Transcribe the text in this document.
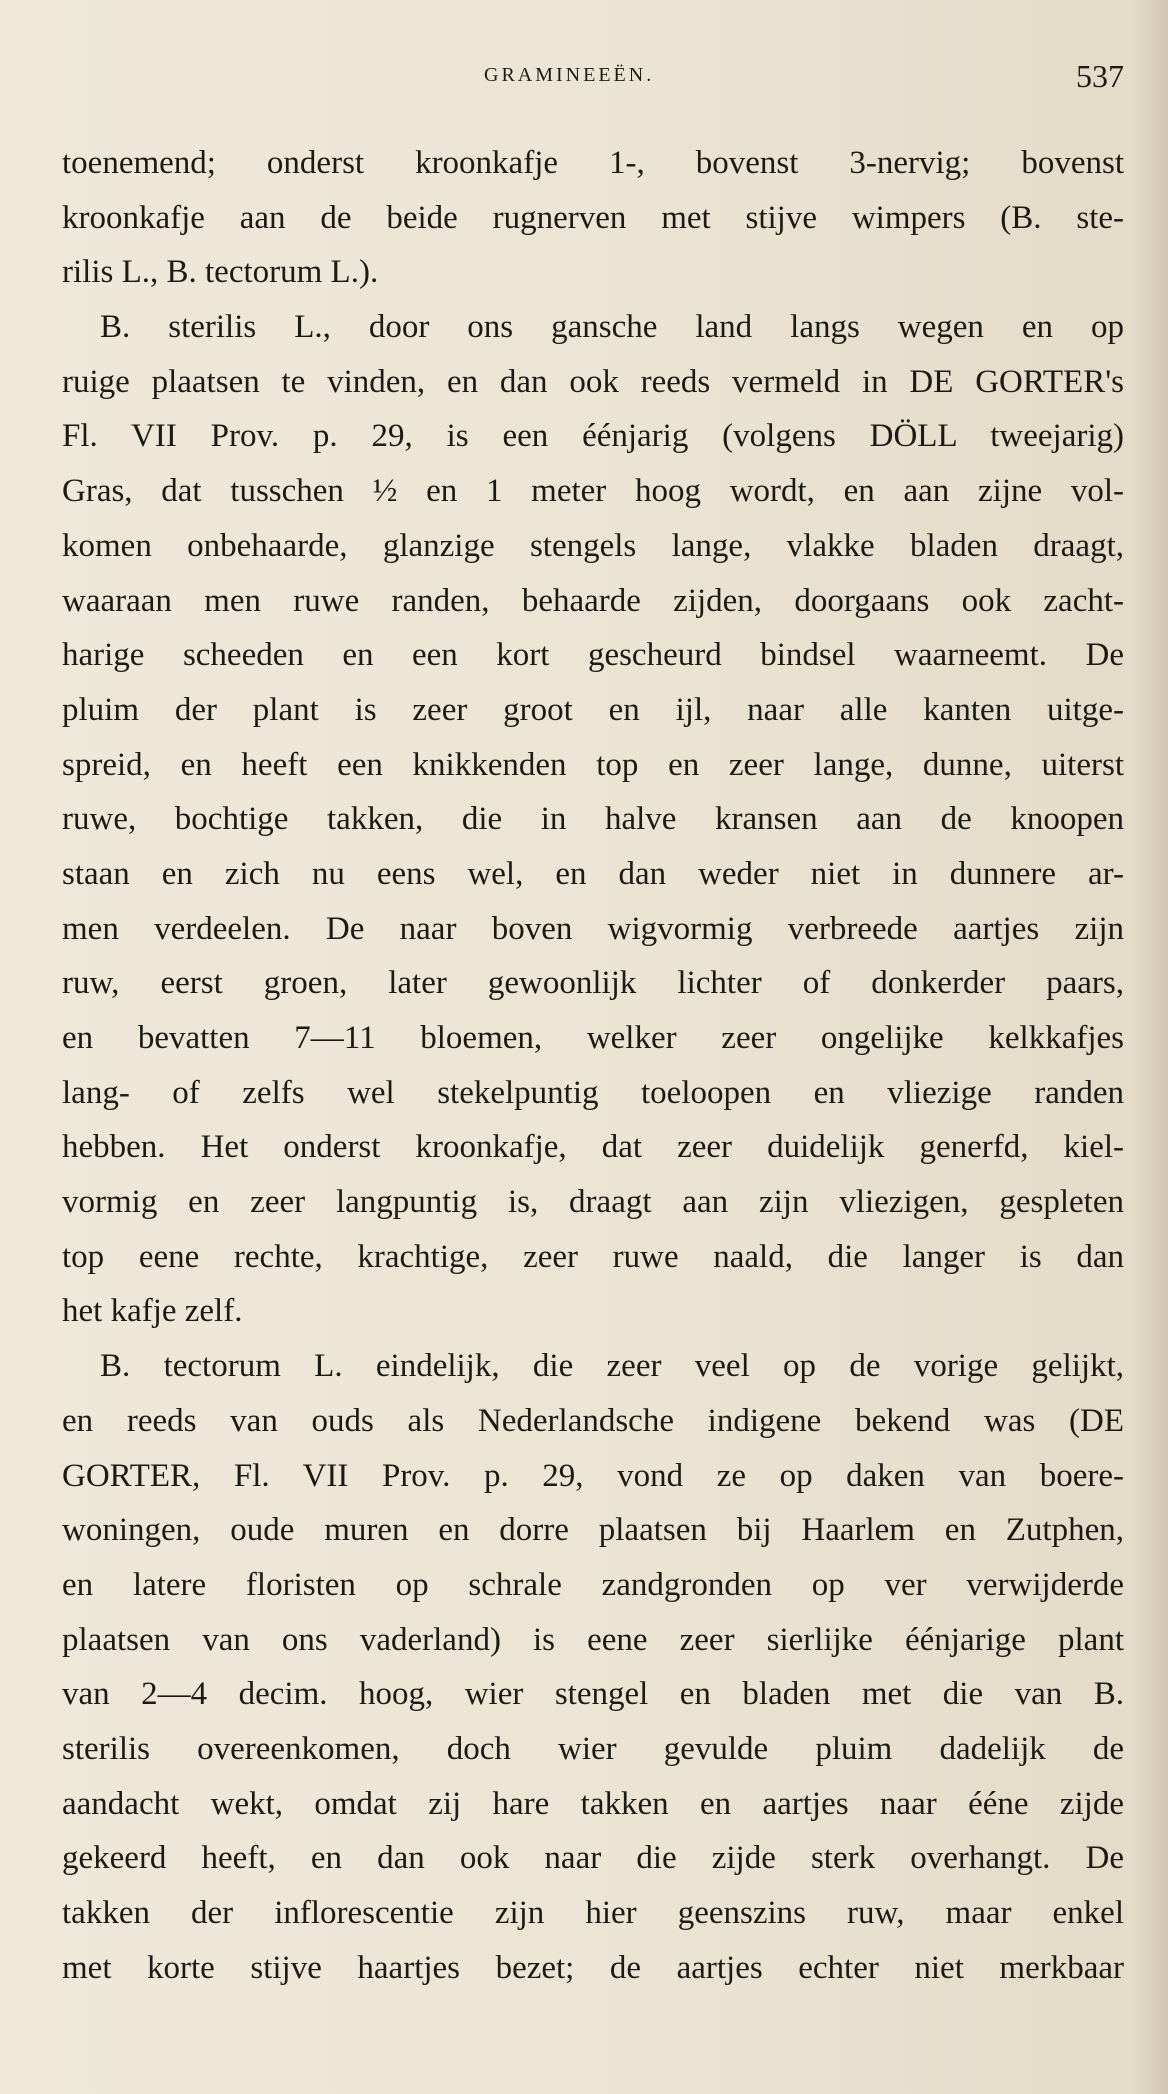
GRAMINEEËN.	537
toenemend; onderst kroonkafje 1-, bovenst 3-nervig; bovenst
kroonkafje aan de beide rugnerven met stijve wimpers (B. ste-
rilis L., B. tectorum L.).
B. sterilis L., door ons gansche land langs wegen en op
ruige plaatsen te vinden, en dan ook reeds vermeld in DE GORTER's
Fl. VII Prov. p. 29, is een éénjarig (volgens DÖLL tweejarig)
Gras, dat tusschen ½ en 1 meter hoog wordt, en aan zijne vol-
komen onbehaarde, glanzige stengels lange, vlakke bladen draagt,
waaraan men ruwe randen, behaarde zijden, doorgaans ook zacht-
harige scheeden en een kort gescheurd bindsel waarneemt. De
pluim der plant is zeer groot en ijl, naar alle kanten uitge-
spreid, en heeft een knikkenden top en zeer lange, dunne, uiterst
ruwe, bochtige takken, die in halve kransen aan de knoopen
staan en zich nu eens wel, en dan weder niet in dunnere ar-
men verdeelen. De naar boven wigvormig verbreede aartjes zijn
ruw, eerst groen, later gewoonlijk lichter of donkerder paars,
en bevatten 7—11 bloemen, welker zeer ongelijke kelkkafjes
lang- of zelfs wel stekelpuntig toeloopen en vliezige randen
hebben. Het onderst kroonkafje, dat zeer duidelijk generfd, kiel-
vormig en zeer langpuntig is, draagt aan zijn vliezigen, gespleten
top eene rechte, krachtige, zeer ruwe naald, die langer is dan
het kafje zelf.
B. tectorum L. eindelijk, die zeer veel op de vorige gelijkt,
en reeds van ouds als Nederlandsche indigene bekend was (DE
GORTER, Fl. VII Prov. p. 29, vond ze op daken van boere-
woningen, oude muren en dorre plaatsen bij Haarlem en Zutphen,
en latere floristen op schrale zandgronden op ver verwijderde
plaatsen van ons vaderland) is eene zeer sierlijke éénjarige plant
van 2—4 decim. hoog, wier stengel en bladen met die van B.
sterilis overeenkomen, doch wier gevulde pluim dadelijk de
aandacht wekt, omdat zij hare takken en aartjes naar ééne zijde
gekeerd heeft, en dan ook naar die zijde sterk overhangt. De
takken der inflorescentie zijn hier geenszins ruw, maar enkel
met korte stijve haartjes bezet; de aartjes echter niet merkbaar
